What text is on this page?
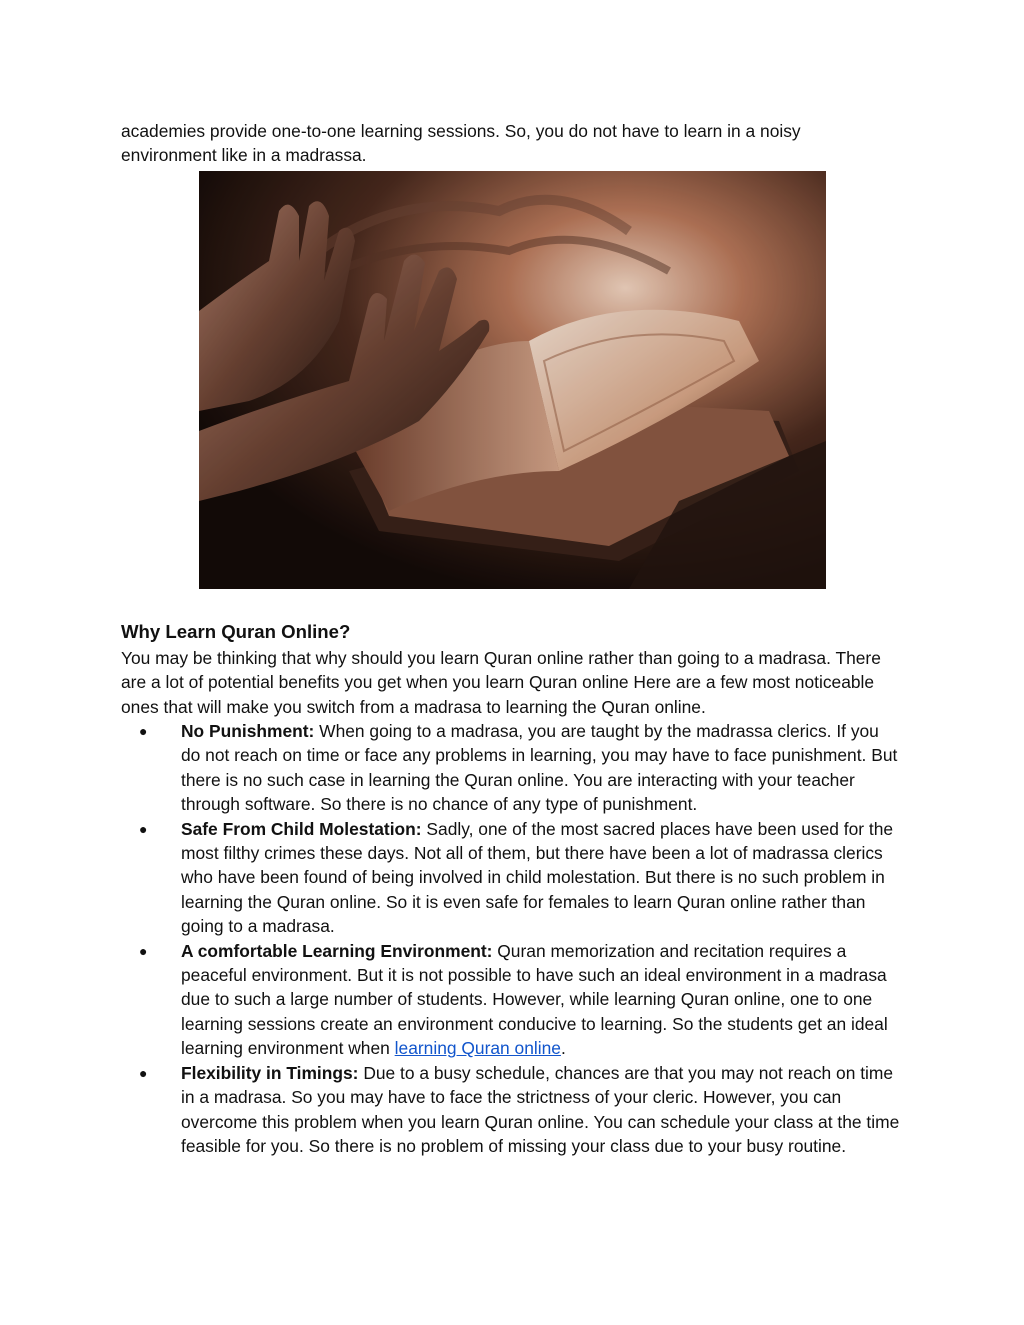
academies provide one-to-one learning sessions. So, you do not have to learn in a noisy environment like in a madrassa.

Why Learn Quran Online?

You may be thinking that why should you learn Quran online rather than going to a madrasa. There are a lot of potential benefits you get when you learn Quran online Here are a few most noticeable ones that will make you switch from a madrasa to learning the Quran online.

● No Punishment: When going to a madrasa, you are taught by the madrassa clerics. If you do not reach on time or face any problems in learning, you may have to face punishment. But there is no such case in learning the Quran online. You are interacting with your teacher through software. So there is no chance of any type of punishment.
● Safe From Child Molestation: Sadly, one of the most sacred places have been used for the most filthy crimes these days. Not all of them, but there have been a lot of madrassa clerics who have been found of being involved in child molestation. But there is no such problem in learning the Quran online. So it is even safe for females to learn Quran online rather than going to a madrasa.
● A comfortable Learning Environment: Quran memorization and recitation requires a peaceful environment. But it is not possible to have such an ideal environment in a madrasa due to such a large number of students. However, while learning Quran online, one to one learning sessions create an environment conducive to learning. So the students get an ideal learning environment when learning Quran online.
● Flexibility in Timings: Due to a busy schedule, chances are that you may not reach on time in a madrasa. So you may have to face the strictness of your cleric. However, you can overcome this problem when you learn Quran online. You can schedule your class at the time feasible for you. So there is no problem of missing your class due to your busy routine.
